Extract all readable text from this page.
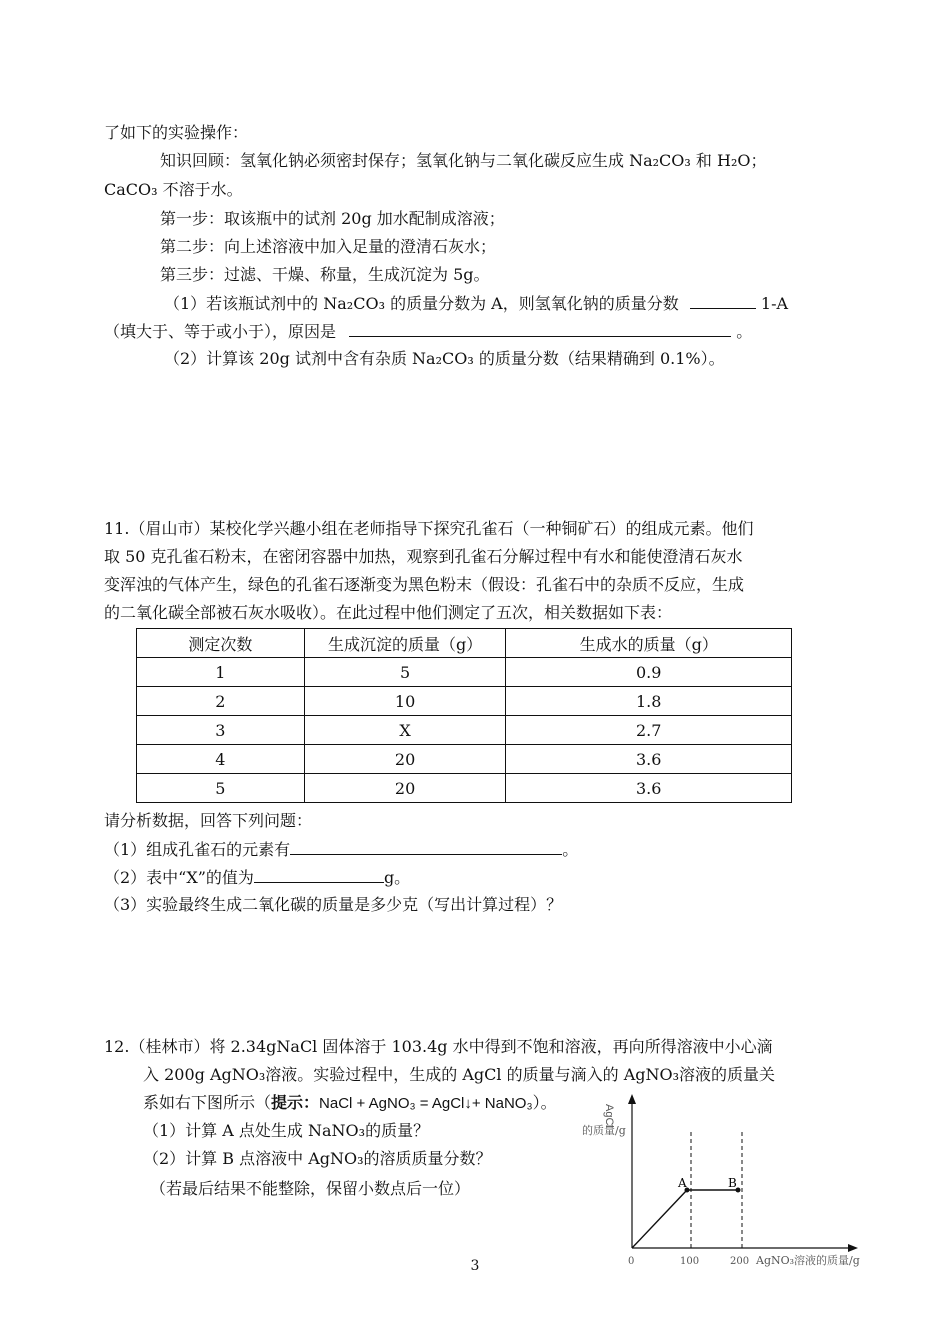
了如下的实验操作：
知识回顾：氢氧化钠必须密封保存；氢氧化钠与二氧化碳反应生成 Na₂CO₃ 和 H₂O；
CaCO₃ 不溶于水。
第一步：取该瓶中的试剂 20g 加水配制成溶液；
第二步：向上述溶液中加入足量的澄清石灰水；
第三步：过滤、干燥、称量，生成沉淀为 5g。
（1）若该瓶试剂中的 Na₂CO₃ 的质量分数为 A，则氢氧化钠的质量分数	1-A
（填大于、等于或小于），原因是	。
（2）计算该 20g 试剂中含有杂质 Na₂CO₃ 的质量分数（结果精确到 0.1%）。
11.（眉山市）某校化学兴趣小组在老师指导下探究孔雀石（一种铜矿石）的组成元素。他们
取 50 克孔雀石粉末，在密闭容器中加热，观察到孔雀石分解过程中有水和能使澄清石灰水
变浑浊的气体产生，绿色的孔雀石逐渐变为黑色粉末（假设：孔雀石中的杂质不反应，生成
的二氧化碳全部被石灰水吸收）。在此过程中他们测定了五次，相关数据如下表：
测定次数	生成沉淀的质量（g）	生成水的质量（g）
1	5	0.9
2	10	1.8
3	X	2.7
4	20	3.6
5	20	3.6
请分析数据，回答下列问题：
（1）组成孔雀石的元素有	。
（2）表中“X”的值为	g。
（3）实验最终生成二氧化碳的质量是多少克（写出计算过程）？
12.（桂林市）将 2.34gNaCl 固体溶于 103.4g 水中得到不饱和溶液，再向所得溶液中小心滴
入 200g AgNO₃溶液。实验过程中，生成的 AgCl 的质量与滴入的 AgNO₃溶液的质量关
系如右下图所示（提示：NaCl + AgNO₃ = AgCl↓+ NaNO₃）。
（1）计算 A 点处生成 NaNO₃的质量？
（2）计算 B 点溶液中 AgNO₃的溶质质量分数？
（若最后结果不能整除，保留小数点后一位）
AgCl
的质量/g
A	B
0	100	200 AgNO₃溶液的质量/g
3
